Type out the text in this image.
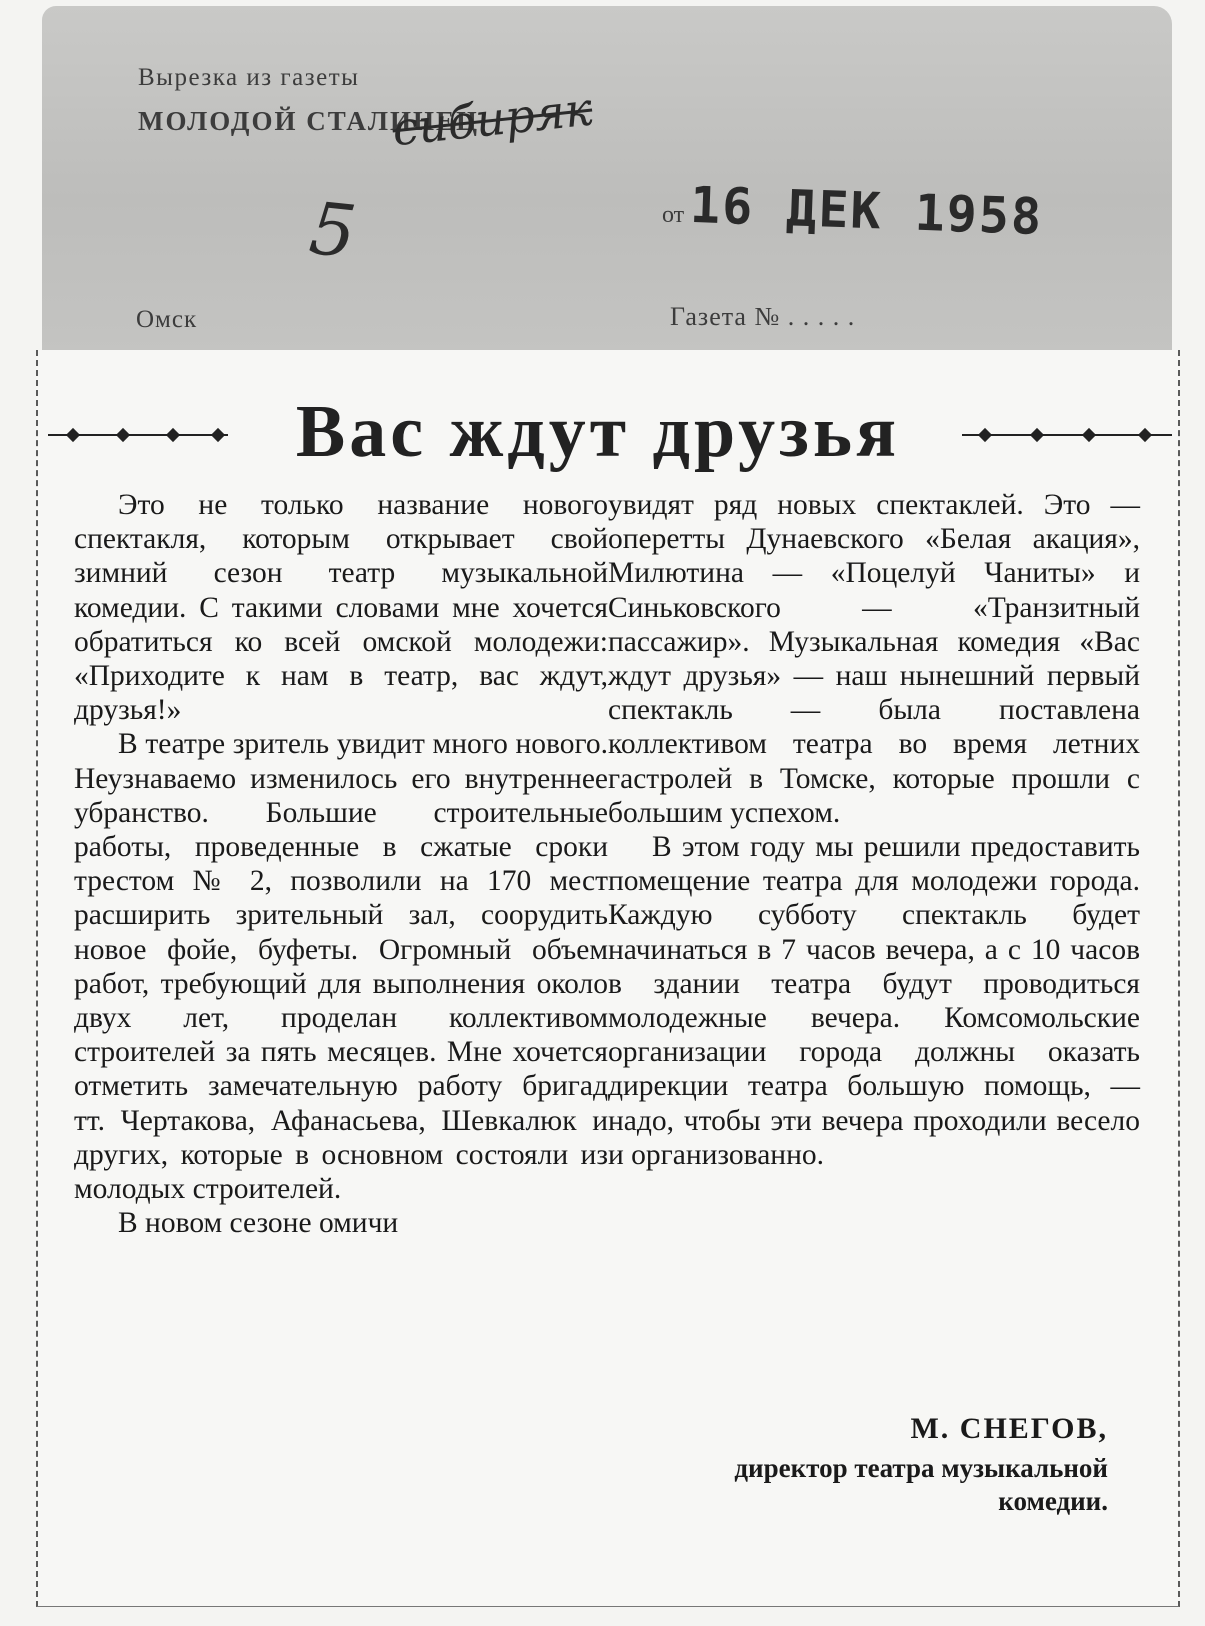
Вырезка из газеты
МОЛОДОЙ СТАЛИНЕЦ
сибиряк
5	от 16 ДЕК 1958
Омск	Газета № . . . . .
Вас ждут друзья

Это не только название нового спектакля, которым открывает свой зимний сезон театр музыкальной комедии. С такими словами мне хочется обратиться ко всей омской молодежи: «Приходите к нам в театр, вас ждут, друзья!»

В театре зритель увидит много нового. Неузнаваемо изменилось его внутреннее убранство. Большие строительные работы, проведенные в сжатые сроки трестом № 2, позволили на 170 мест расширить зрительный зал, соорудить новое фойе, буфеты. Огромный объем работ, требующий для выполнения около двух лет, проделан коллективом строителей за пять месяцев. Мне хочется отметить замечательную работу бригад тт. Чертакова, Афанасьева, Шевкалюк и других, которые в основном состояли из молодых строителей.

В новом сезоне омичи

увидят ряд новых спектаклей. Это — оперетты Дунаевского «Белая акация», Милютина — «Поцелуй Чаниты» и Синьковского — «Транзитный пассажир». Музыкальная комедия «Вас ждут друзья» — наш нынешний первый спектакль — была поставлена коллективом театра во время летних гастролей в Томске, которые прошли с большим успехом.

В этом году мы решили предоставить помещение театра для молодежи города. Каждую субботу спектакль будет начинаться в 7 часов вечера, а с 10 часов в здании театра будут проводиться молодежные вечера. Комсомольские организации города должны оказать дирекции театра большую помощь, — надо, чтобы эти вечера проходили весело и организованно.

М. СНЕГОВ,
директор театра музыкальной комедии.
